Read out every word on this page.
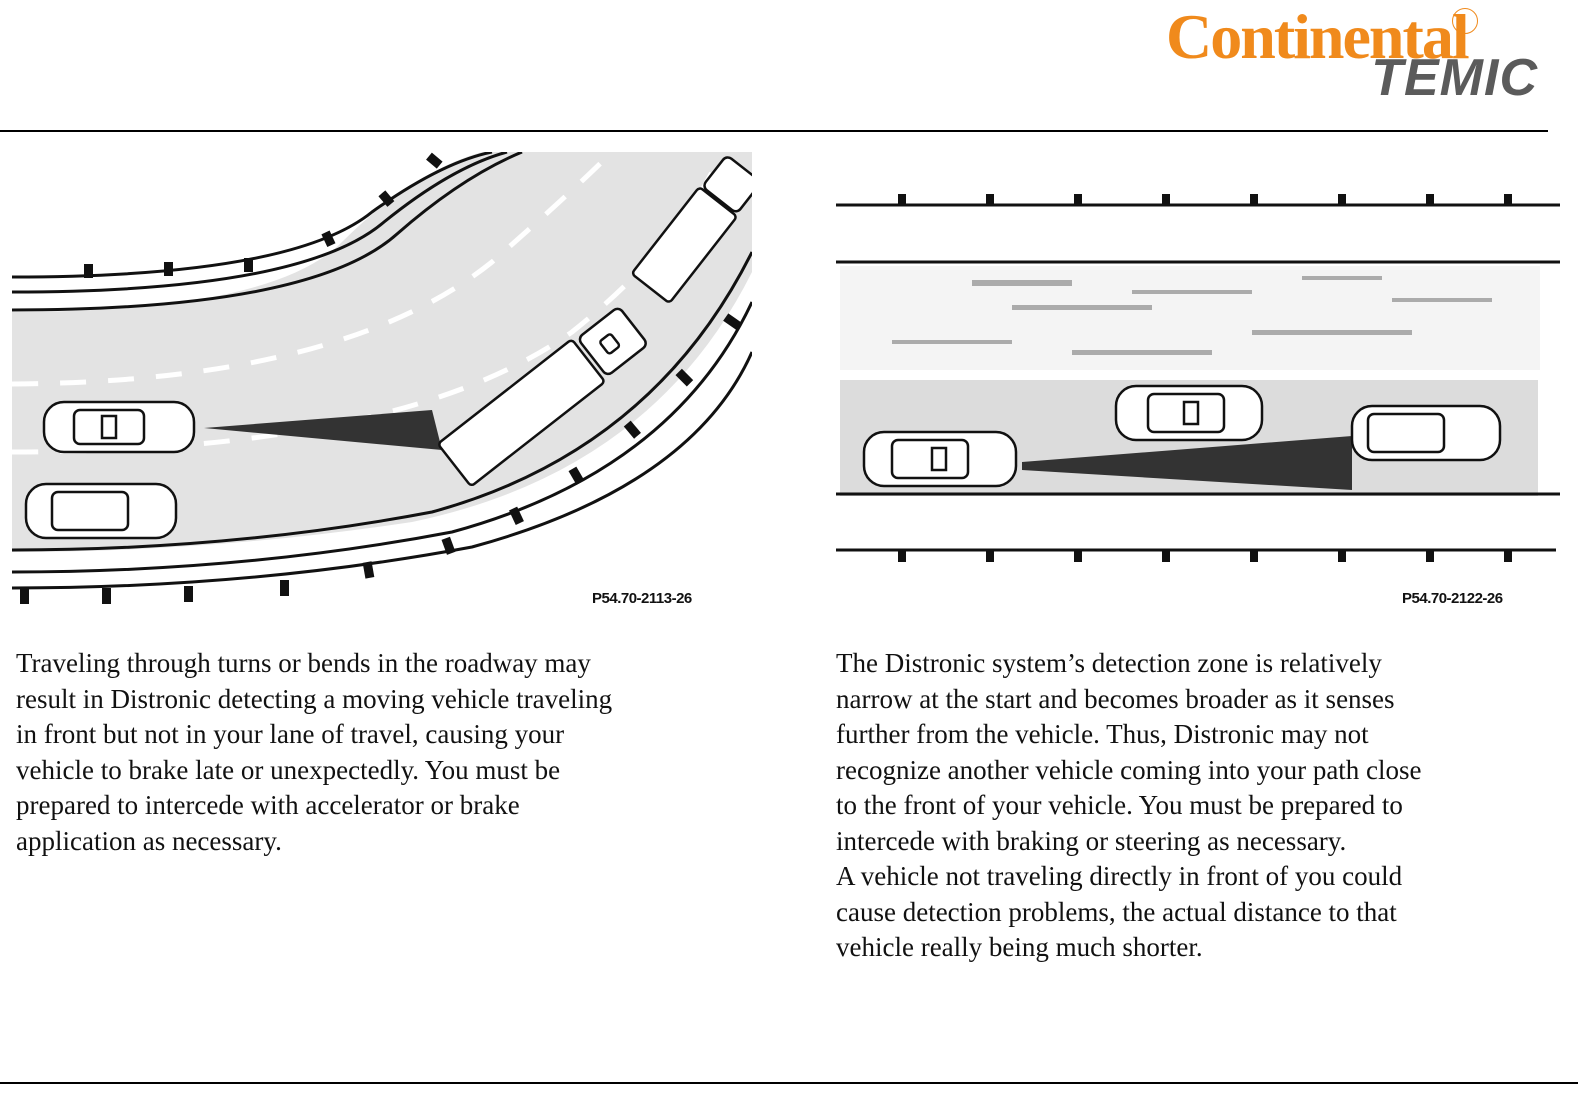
Continental
TEMIC
P54.70-2113-26	P54.70-2122-26
Traveling through turns or bends in the roadway may
result in Distronic detecting a moving vehicle traveling
in front but not in your lane of travel, causing your
vehicle to brake late or unexpectedly. You must be
prepared to intercede with accelerator or brake
application as necessary.
The Distronic system’s detection zone is relatively
narrow at the start and becomes broader as it senses
further from the vehicle. Thus, Distronic may not
recognize another vehicle coming into your path close
to the front of your vehicle. You must be prepared to
intercede with braking or steering as necessary.
A vehicle not traveling directly in front of you could
cause detection problems, the actual distance to that
vehicle really being much shorter.
